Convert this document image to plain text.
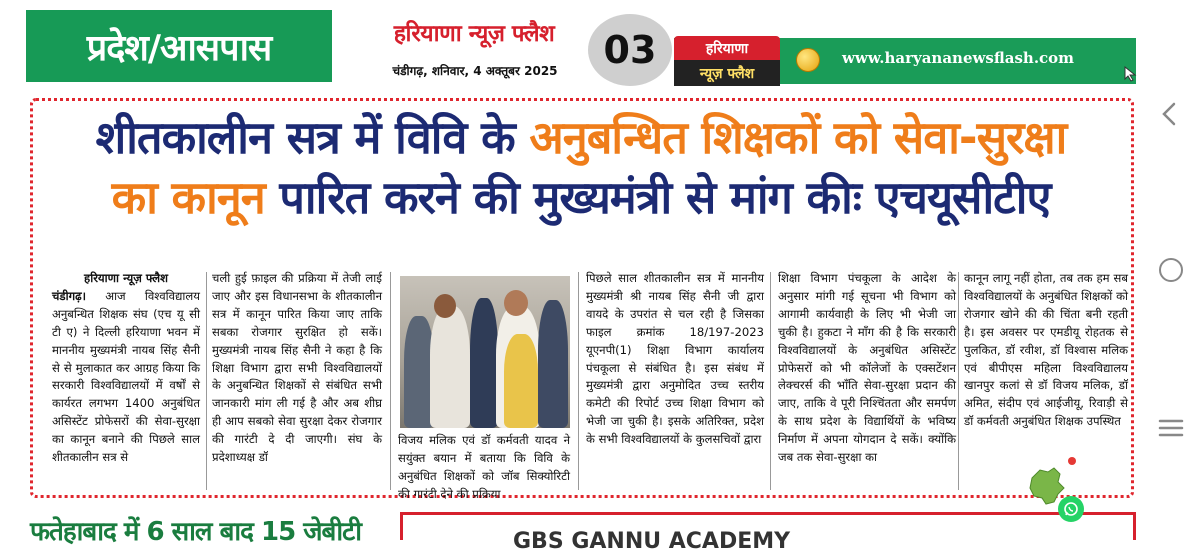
प्रदेश/आसपास	हरियाणा न्यूज़ फ्लैश
चंडीगढ़, शनिवार, 4 अक्तूबर 2025	03	हरियाणा
न्यूज़ फ्लैश
www.haryananewsflash.com
शीतकालीन सत्र में विवि के अनुबन्धित शिक्षकों को सेवा-सुरक्षा
का कानून पारित करने की मुख्यमंत्री से मांग कीः एचयूसीटीए
हरियाणा न्यूज़ फ्लैश
चंडीगढ़। आज विश्वविद्यालय अनुबन्धित शिक्षक संघ (एच यू सी टी ए) ने दिल्ली हरियाणा भवन में माननीय मुख्यमंत्री नायब सिंह सैनी से से मुलाकात कर आग्रह किया कि सरकारी विश्वविद्यालयों में वर्षों से कार्यरत लगभग 1400 अनुबंधित असिस्टेंट प्रोफेसरों की सेवा-सुरक्षा का कानून बनाने की पिछले साल शीतकालीन सत्र से
चली हुई फ़ाइल की प्रक्रिया में तेजी लाई जाए और इस विधानसभा के शीतकालीन सत्र में कानून पारित किया जाए ताकि सबका रोजगार सुरक्षित हो सकें। मुख्यमंत्री नायब सिंह सैनी ने कहा है कि शिक्षा विभाग द्वारा सभी विश्वविद्यालयों के अनुबन्धित शिक्षकों से संबंधित सभी जानकारी मांग ली गई है और अब शीघ्र ही आप सबको सेवा सुरक्षा देकर रोजगार की गारंटी दे दी जाएगी। संघ के प्रदेशाध्यक्ष डॉ
विजय मलिक एवं डॉ कर्मवती यादव ने सयुंक्त बयान में बताया कि विवि के अनुबंधित शिक्षकों को जॉब सिक्योरिटी की गारंटी देने की प्रक्रिया
पिछले साल शीतकालीन सत्र में माननीय मुख्यमंत्री श्री नायब सिंह सैनी जी द्वारा वायदे के उपरांत से चल रही है जिसका फाइल क्रमांक 18/197-2023 यूएनपी(1) शिक्षा विभाग कार्यालय पंचकूला से संबंधित है। इस संबंध में मुख्यमंत्री द्वारा अनुमोदित उच्च स्तरीय कमेटी की रिपोर्ट उच्च शिक्षा विभाग को भेजी जा चुकी है। इसके अतिरिक्त, प्रदेश के सभी विश्वविद्यालयों के कुलसचिवों द्वारा
शिक्षा विभाग पंचकूला के आदेश के अनुसार मांगी गई सूचना भी विभाग को आगामी कार्यवाही के लिए भी भेजी जा चुकी है। हुकटा ने माँग की है कि सरकारी विश्वविद्यालयों के अनुबंधित असिस्टेंट प्रोफेसरों को भी कॉलेजों के एक्सटेंशन लेक्चरर्स की भाँति सेवा-सुरक्षा प्रदान की जाए, ताकि वे पूरी निश्चिंतता और समर्पण के साथ प्रदेश के विद्यार्थियों के भविष्य निर्माण में अपना योगदान दे सकें। क्योंकि जब तक सेवा-सुरक्षा का
कानून लागू नहीं होता, तब तक हम सब विश्वविद्यालयों के अनुबंधित शिक्षकों को रोजगार खोने की की चिंता बनी रहती है। इस अवसर पर एमडीयू रोहतक से पुलकित, डॉ रवीश, डॉ विश्वास मलिक एवं बीपीएस महिला विश्वविद्यालय खानपुर कलां से डॉ विजय मलिक, डॉ अमित, संदीप एवं आईजीयू, रिवाड़ी से डॉ कर्मवती अनुबंधित शिक्षक उपस्थित
फतेहाबाद में 6 साल बाद 15 जेबीटी	GBS GANNU ACADEMY
